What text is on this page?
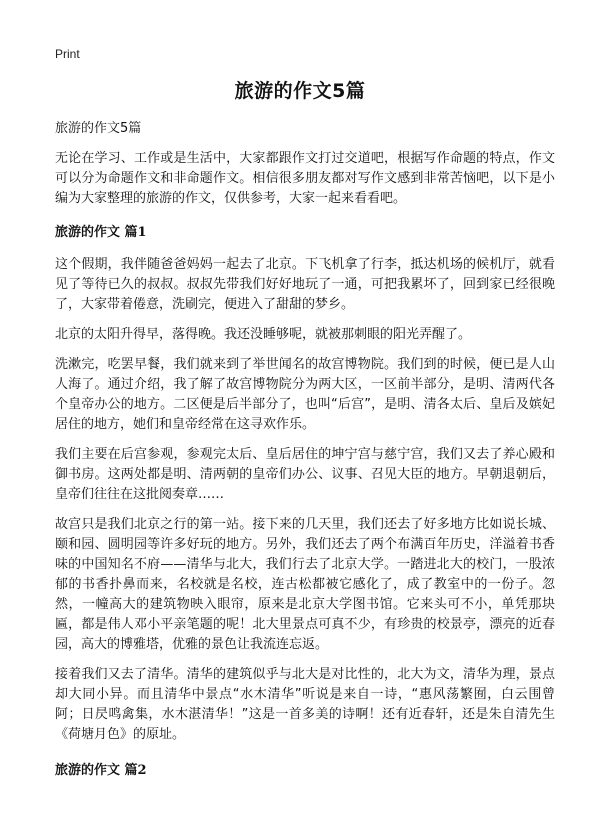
Print
旅游的作文5篇

旅游的作文5篇

无论在学习、工作或是生活中，大家都跟作文打过交道吧，根据写作命题的特点，作文可以分为命题作文和非命题作文。相信很多朋友都对写作文感到非常苦恼吧，以下是小编为大家整理的旅游的作文，仅供参考，大家一起来看看吧。

旅游的作文 篇1

这个假期，我伴随爸爸妈妈一起去了北京。下飞机拿了行李，抵达机场的候机厅，就看见了等待已久的叔叔。叔叔先带我们好好地玩了一通，可把我累坏了，回到家已经很晚了，大家带着倦意，洗刷完，便进入了甜甜的梦乡。

北京的太阳升得早，落得晚。我还没睡够呢，就被那刺眼的阳光弄醒了。

洗漱完，吃罢早餐，我们就来到了举世闻名的故宫博物院。我们到的时候，便已是人山人海了。通过介绍，我了解了故宫博物院分为两大区，一区前半部分，是明、清两代各个皇帝办公的地方。二区便是后半部分了，也叫“后宫”，是明、清各太后、皇后及嫔妃居住的地方，她们和皇帝经常在这寻欢作乐。

我们主要在后宫参观，参观完太后、皇后居住的坤宁宫与慈宁宫，我们又去了养心殿和御书房。这两处都是明、清两朝的皇帝们办公、议事、召见大臣的地方。早朝退朝后，皇帝们往往在这批阅奏章……

故宫只是我们北京之行的第一站。接下来的几天里，我们还去了好多地方比如说长城、颐和园、圆明园等许多好玩的地方。另外，我们还去了两个布满百年历史，洋溢着书香味的中国知名不府——清华与北大，我们行去了北京大学。一踏进北大的校门，一股浓郁的书香扑鼻而来，名校就是名校，连古松都被它感化了，成了教室中的一份子。忽然，一幢高大的建筑物映入眼帘，原来是北京大学图书馆。它来头可不小，单凭那块匾，都是伟人邓小平亲笔题的呢！北大里景点可真不少，有珍贵的校景亭，漂亮的近春园，高大的博雅塔，优雅的景色让我流连忘返。

接着我们又去了清华。清华的建筑似乎与北大是对比性的，北大为文，清华为理，景点却大同小异。而且清华中景点“水木清华”听说是来自一诗，“惠风荡繁囿，白云围曾阿；日昃鸣禽集，水木湛清华！”这是一首多美的诗啊！还有近春轩，还是朱自清先生《荷塘月色》的原址。

旅游的作文 篇2
